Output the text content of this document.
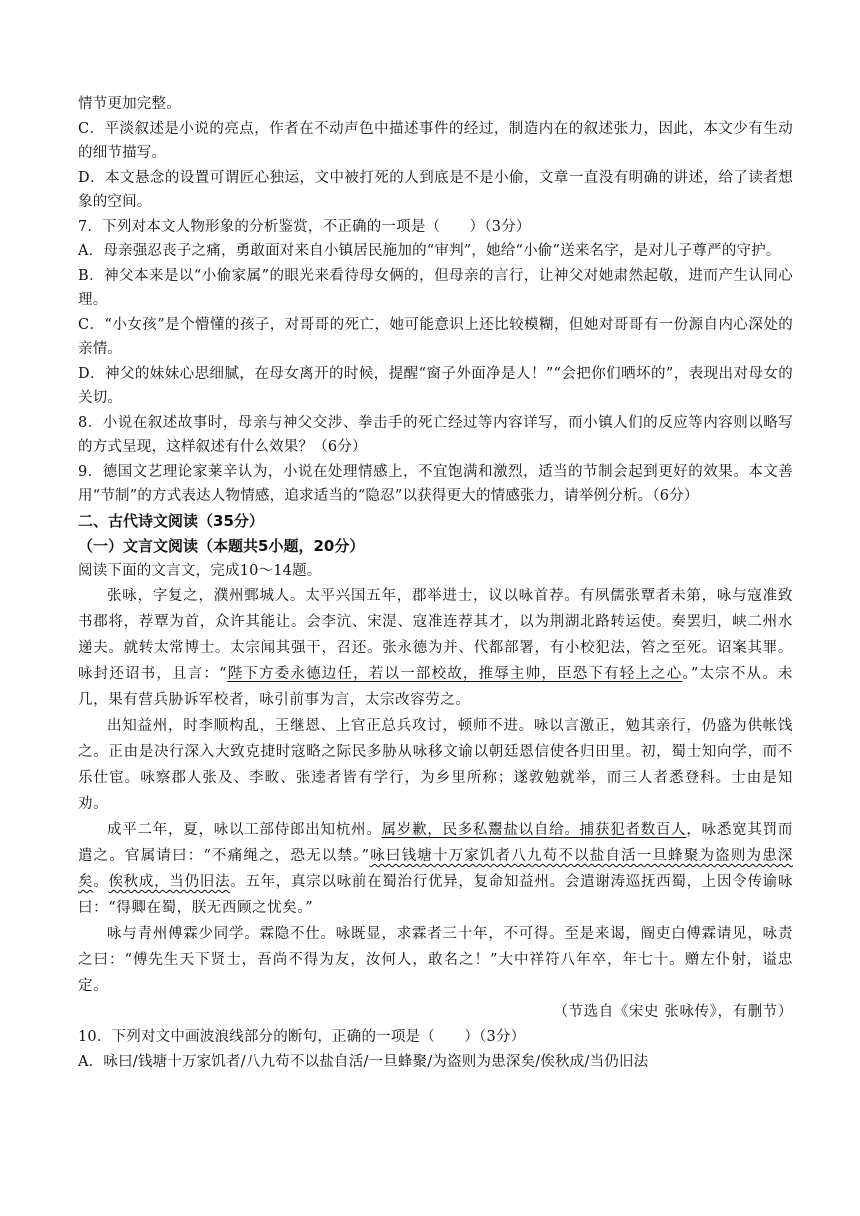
情节更加完整。

C．平淡叙述是小说的亮点，作者在不动声色中描述事件的经过，制造内在的叙述张力，因此，本文少有生动的细节描写。

D．本文悬念的设置可谓匠心独运，文中被打死的人到底是不是小偷，文章一直没有明确的讲述，给了读者想象的空间。

7．下列对本文人物形象的分析鉴赏，不正确的一项是（　　）（3分）

A．母亲强忍丧子之痛，勇敢面对来自小镇居民施加的“审判”，她给“小偷”送来名字，是对儿子尊严的守护。

B．神父本来是以“小偷家属”的眼光来看待母女俩的，但母亲的言行，让神父对她肃然起敬，进而产生认同心理。

C．“小女孩”是个懵懂的孩子，对哥哥的死亡，她可能意识上还比较模糊，但她对哥哥有一份源自内心深处的亲情。

D．神父的妹妹心思细腻，在母女离开的时候，提醒“窗子外面净是人！”“会把你们晒坏的”，表现出对母女的关切。

8．小说在叙述故事时，母亲与神父交涉、拳击手的死亡经过等内容详写，而小镇人们的反应等内容则以略写的方式呈现，这样叙述有什么效果？（6分）

9．德国文艺理论家莱辛认为，小说在处理情感上，不宜饱满和激烈，适当的节制会起到更好的效果。本文善用“节制”的方式表达人物情感，追求适当的“隐忍”以获得更大的情感张力，请举例分析。（6分）

二、古代诗文阅读（35分）

（一）文言文阅读（本题共5小题，20分）

阅读下面的文言文，完成10～14题。

张咏，字复之，濮州鄄城人。太平兴国五年，郡举进士，议以咏首荐。有夙儒张覃者未第，咏与寇准致书郡将，荐覃为首，众许其能让。会李沆、宋湜、寇准连荐其才，以为荆湖北路转运使。奏罢归，峡二州水递夫。就转太常博士。太宗闻其强干，召还。张永德为并、代都部署，有小校犯法，笞之至死。诏案其罪。咏封还诏书，且言：“陛下方委永德边任，若以一部校故，推辱主帅，臣恐下有轻上之心。”太宗不从。未几，果有营兵胁诉军校者，咏引前事为言，太宗改容劳之。

出知益州，时李顺构乱，王继恩、上官正总兵攻讨，顿师不进。咏以言激正，勉其亲行，仍盛为供帐饯之。正由是决行深入大致克捷时寇略之际民多胁从咏移文谕以朝廷恩信使各归田里。初，蜀士知向学，而不乐仕宦。咏察郡人张及、李畋、张逵者皆有学行，为乡里所称；遂敦勉就举，而三人者悉登科。士由是知劝。

成平二年，夏，咏以工部侍郎出知杭州。属岁歉，民多私鬻盐以自给。捕获犯者数百人，咏悉宽其罚而遣之。官属请曰：“不痛绳之，恐无以禁。”咏曰钱塘十万家饥者八九苟不以盐自活一旦蜂聚为盗则为患深矣。俟秋成，当仍旧法。五年，真宗以咏前在蜀治行优异，复命知益州。会遣谢涛巡抚西蜀，上因令传谕咏曰：“得卿在蜀，朕无西顾之忧矣。”

咏与青州傅霖少同学。霖隐不仕。咏既显，求霖者三十年，不可得。至是来谒，阍吏白傅霖请见，咏责之曰：“傅先生天下贤士，吾尚不得为友，汝何人，敢名之！”大中祥符八年卒，年七十。赠左仆射，谥忠定。

（节选自《宋史 张咏传》，有删节）

10．下列对文中画波浪线部分的断句，正确的一项是（　　）（3分）

A．咏曰/钱塘十万家饥者/八九苟不以盐自活/一旦蜂聚/为盗则为患深矣/俟秋成/当仍旧法
